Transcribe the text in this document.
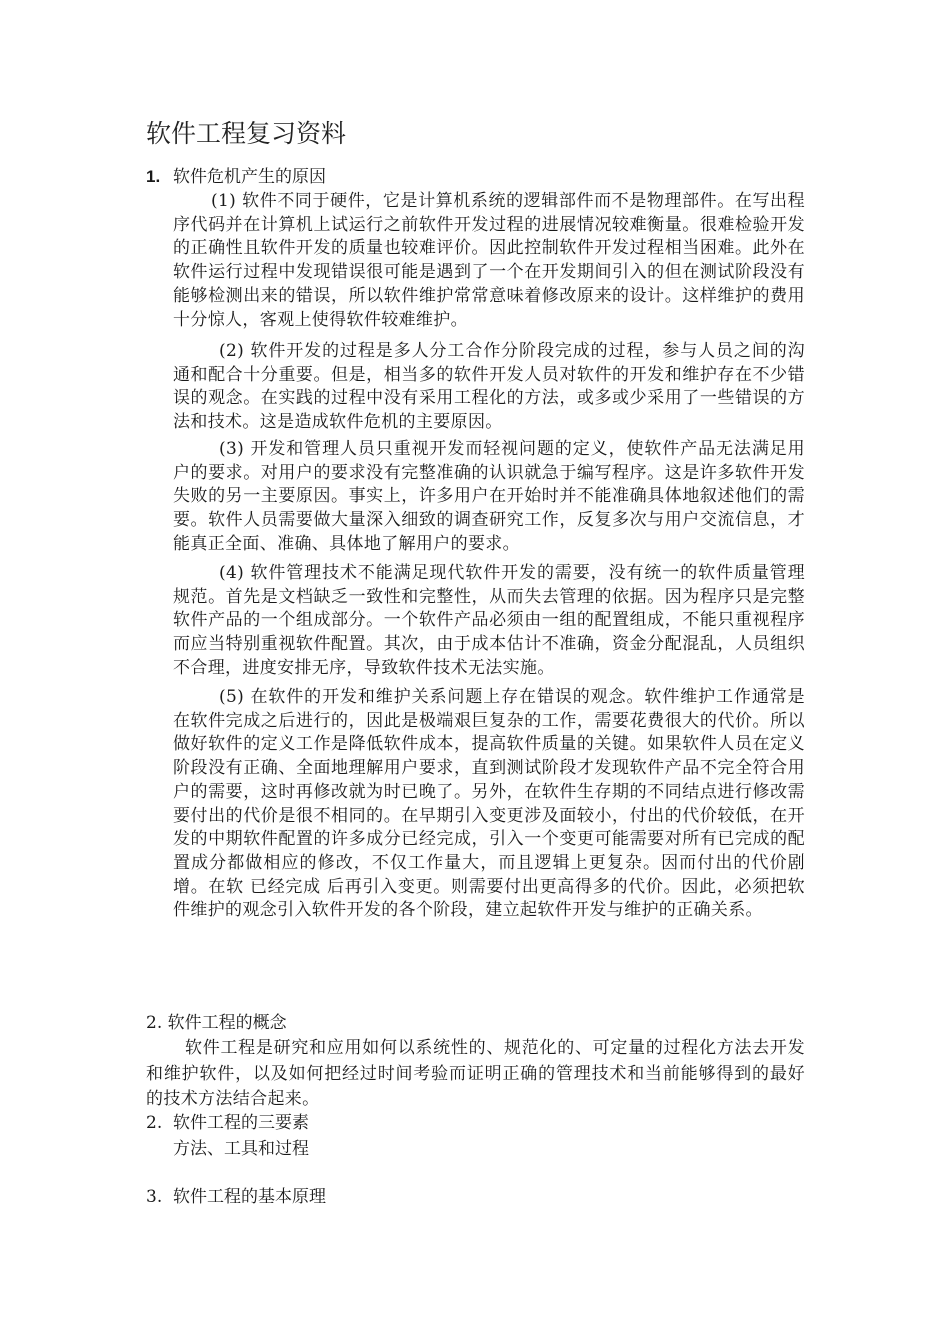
软件工程复习资料
1. 软件危机产生的原因

(1) 软件不同于硬件，它是计算机系统的逻辑部件而不是物理部件。在写出程序代码并在计算机上试运行之前软件开发过程的进展情况较难衡量。很难检验开发的正确性且软件开发的质量也较难评价。因此控制软件开发过程相当困难。此外在软件运行过程中发现错误很可能是遇到了一个在开发期间引入的但在测试阶段没有能够检测出来的错误，所以软件维护常常意味着修改原来的设计。这样维护的费用十分惊人，客观上使得软件较难维护。

(2) 软件开发的过程是多人分工合作分阶段完成的过程，参与人员之间的沟通和配合十分重要。但是，相当多的软件开发人员对软件的开发和维护存在不少错误的观念。在实践的过程中没有采用工程化的方法，或多或少采用了一些错误的方法和技术。这是造成软件危机的主要原因。

(3) 开发和管理人员只重视开发而轻视问题的定义，使软件产品无法满足用户的要求。对用户的要求没有完整准确的认识就急于编写程序。这是许多软件开发失败的另一主要原因。事实上，许多用户在开始时并不能准确具体地叙述他们的需要。软件人员需要做大量深入细致的调查研究工作，反复多次与用户交流信息，才能真正全面、准确、具体地了解用户的要求。

(4) 软件管理技术不能满足现代软件开发的需要，没有统一的软件质量管理规范。首先是文档缺乏一致性和完整性，从而失去管理的依据。因为程序只是完整软件产品的一个组成部分。一个软件产品必须由一组的配置组成，不能只重视程序而应当特别重视软件配置。其次，由于成本估计不准确，资金分配混乱，人员组织不合理，进度安排无序，导致软件技术无法实施。

(5) 在软件的开发和维护关系问题上存在错误的观念。软件维护工作通常是在软件完成之后进行的，因此是极端艰巨复杂的工作，需要花费很大的代价。所以做好软件的定义工作是降低软件成本，提高软件质量的关键。如果软件人员在定义阶段没有正确、全面地理解用户要求，直到测试阶段才发现软件产品不完全符合用户的需要，这时再修改就为时已晚了。另外，在软件生存期的不同结点进行修改需要付出的代价是很不相同的。在早期引入变更涉及面较小，付出的代价较低，在开发的中期软件配置的许多成分已经完成，引入一个变更可能需要对所有已完成的配置成分都做相应的修改，不仅工作量大，而且逻辑上更复杂。因而付出的代价剧增。在软 已经完成 后再引入变更。则需要付出更高得多的代价。因此，必须把软件维护的观念引入软件开发的各个阶段，建立起软件开发与维护的正确关系。

2. 软件工程的概念

软件工程是研究和应用如何以系统性的、规范化的、可定量的过程化方法去开发和维护软件，以及如何把经过时间考验而证明正确的管理技术和当前能够得到的最好的技术方法结合起来。

2. 软件工程的三要素
方法、工具和过程
3. 软件工程的基本原理
